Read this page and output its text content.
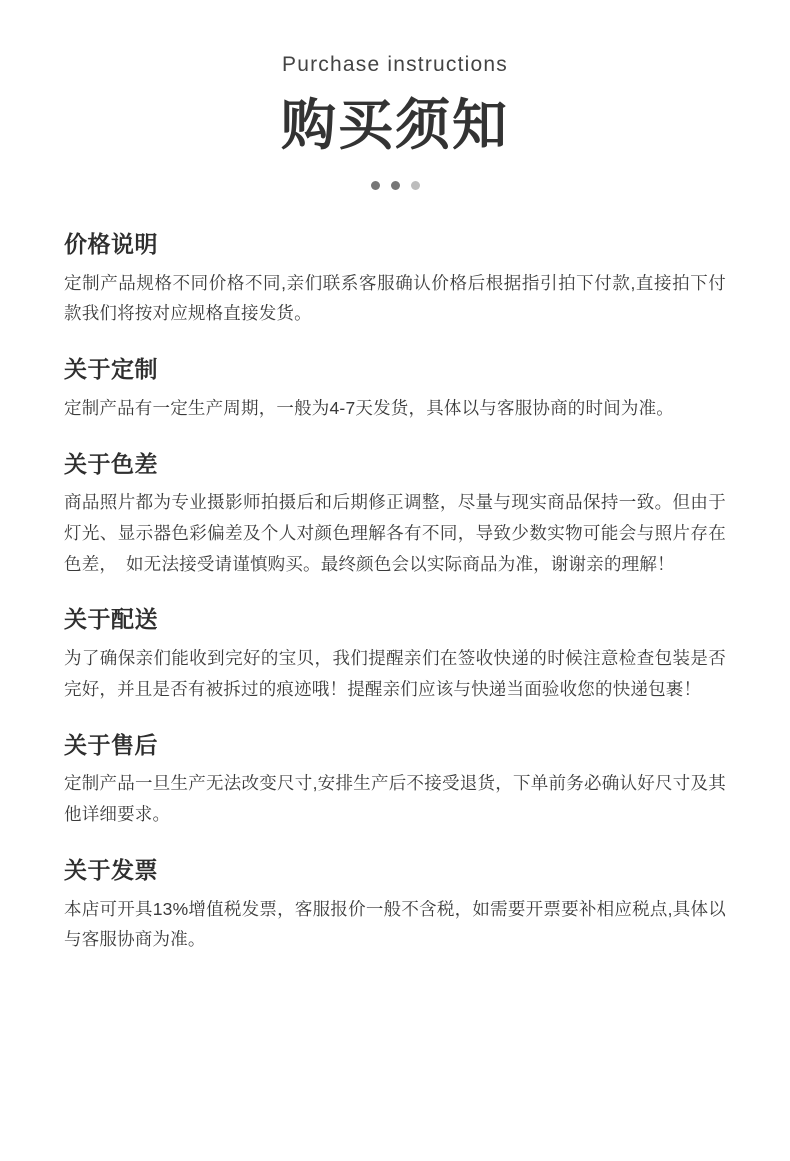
Purchase instructions
购买须知
价格说明
定制产品规格不同价格不同,亲们联系客服确认价格后根据指引拍下付款,直接拍下付款我们将按对应规格直接发货。
关于定制
定制产品有一定生产周期，一般为4-7天发货，具体以与客服协商的时间为准。
关于色差
商品照片都为专业摄影师拍摄后和后期修正调整，尽量与现实商品保持一致。但由于灯光、显示器色彩偏差及个人对颜色理解各有不同，导致少数实物可能会与照片存在色差，　如无法接受请谨慎购买。最终颜色会以实际商品为准，谢谢亲的理解！
关于配送
为了确保亲们能收到完好的宝贝，我们提醒亲们在签收快递的时候注意检查包装是否完好，并且是否有被拆过的痕迹哦！提醒亲们应该与快递当面验收您的快递包裹！
关于售后
定制产品一旦生产无法改变尺寸,安排生产后不接受退货，下单前务必确认好尺寸及其他详细要求。
关于发票
本店可开具13%增值税发票，客服报价一般不含税，如需要开票要补相应税点,具体以与客服协商为准。
